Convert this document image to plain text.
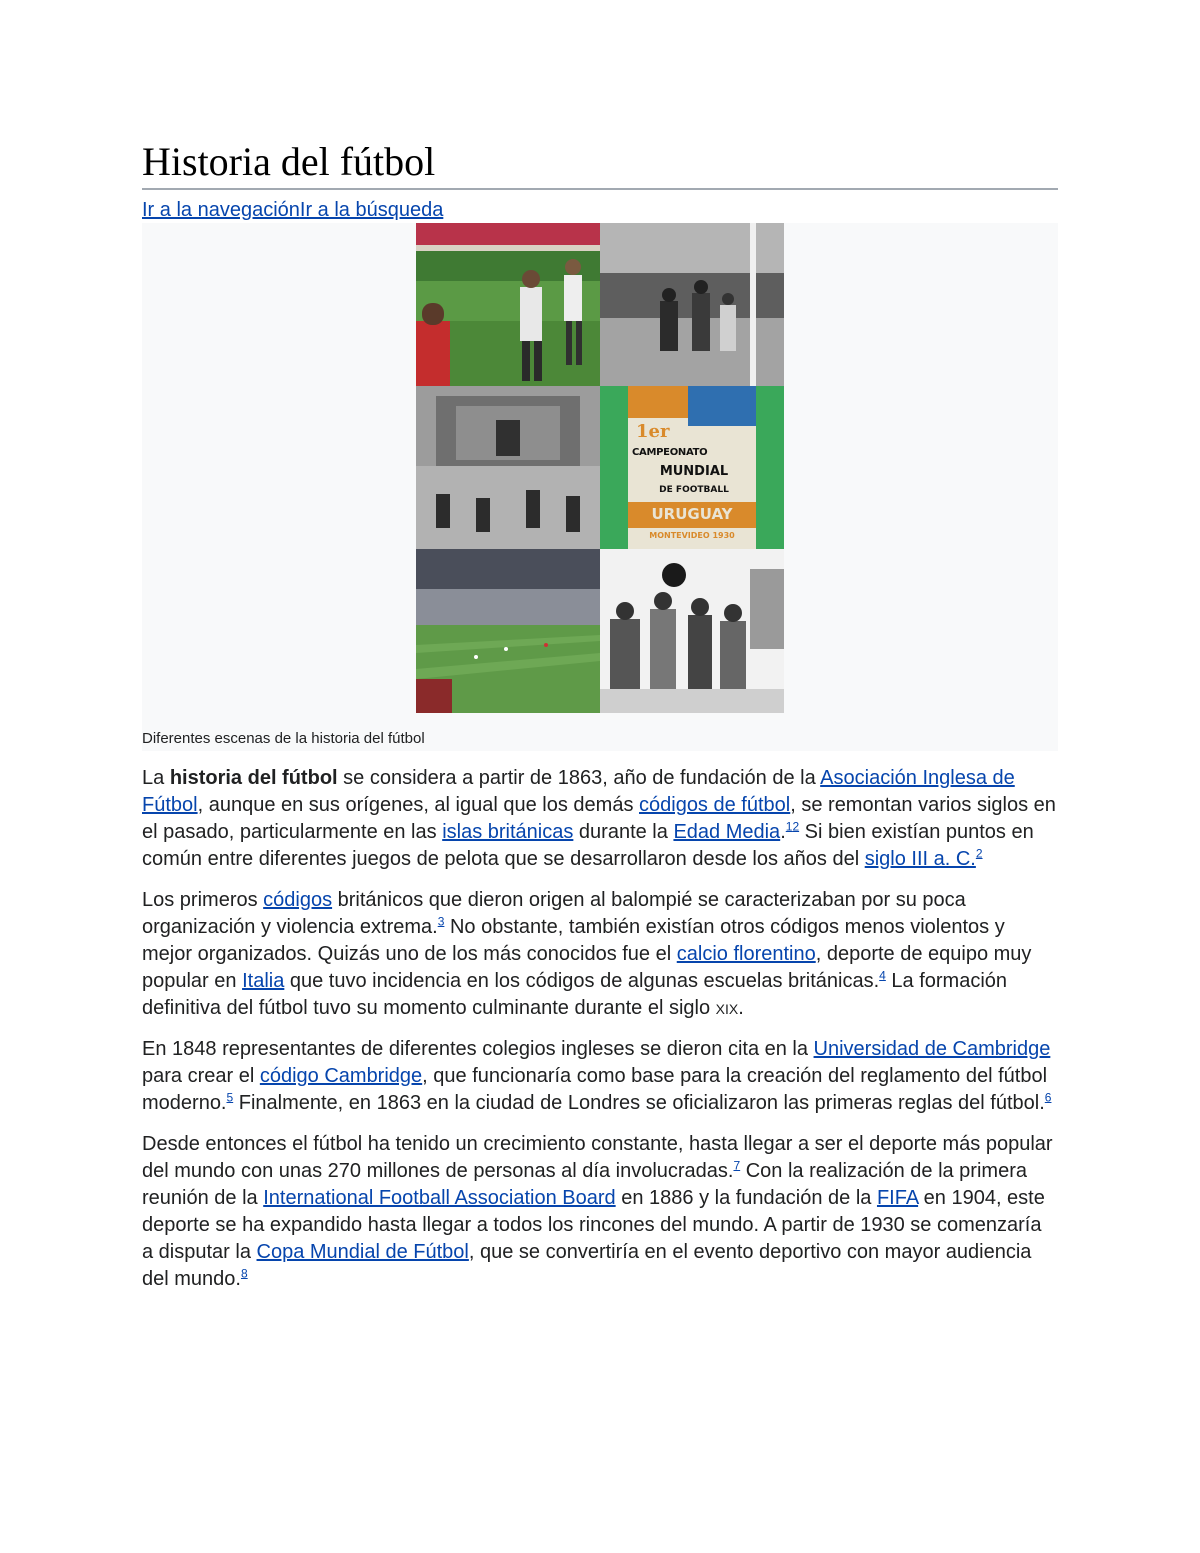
Historia del fútbol
Ir a la navegaciónIr a la búsqueda
1er
CAMPEONATO
MUNDIAL
DE FOOTBALL
URUGUAY
MONTEVIDEO 1930
Diferentes escenas de la historia del fútbol

La historia del fútbol se considera a partir de 1863, año de fundación de la Asociación Inglesa de Fútbol, aunque en sus orígenes, al igual que los demás códigos de fútbol, se remontan varios siglos en el pasado, particularmente en las islas británicas durante la Edad Media.$^{12}$ Si bien existían puntos en común entre diferentes juegos de pelota que se desarrollaron desde los años del siglo III a. C.$^2$

Los primeros códigos británicos que dieron origen al balompié se caracterizaban por su poca organización y violencia extrema.$^3$ No obstante, también existían otros códigos menos violentos y mejor organizados. Quizás uno de los más conocidos fue el calcio florentino, deporte de equipo muy popular en Italia que tuvo incidencia en los códigos de algunas escuelas británicas.$^4$ La formación definitiva del fútbol tuvo su momento culminante durante el siglo xix.

En 1848 representantes de diferentes colegios ingleses se dieron cita en la Universidad de Cambridge para crear el código Cambridge, que funcionaría como base para la creación del reglamento del fútbol moderno.$^5$ Finalmente, en 1863 en la ciudad de Londres se oficializaron las primeras reglas del fútbol.$^6$

Desde entonces el fútbol ha tenido un crecimiento constante, hasta llegar a ser el deporte más popular del mundo con unas 270 millones de personas al día involucradas.$^7$ Con la realización de la primera reunión de la International Football Association Board en 1886 y la fundación de la FIFA en 1904, este deporte se ha expandido hasta llegar a todos los rincones del mundo. A partir de 1930 se comenzaría a disputar la Copa Mundial de Fútbol, que se convertiría en el evento deportivo con mayor audiencia del mundo.$^8$
